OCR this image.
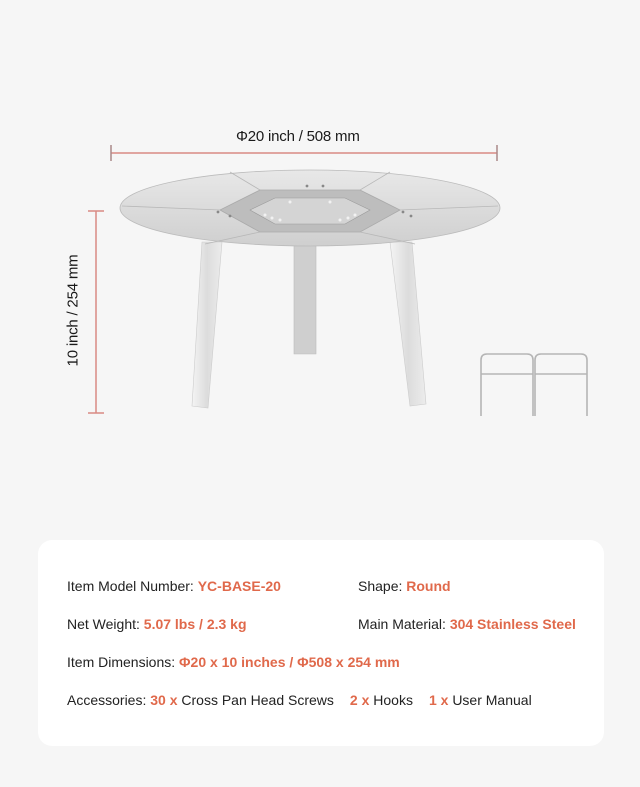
Φ20 inch / 508 mm
10 inch / 254 mm
Item Model Number: YC-BASE-20	Shape: Round
Net Weight: 5.07 lbs / 2.3 kg	Main Material: 304 Stainless Steel
Item Dimensions: Φ20 x 10 inches / Φ508 x 254 mm
Accessories: 30 x Cross Pan Head Screws 2 x Hooks 1 x User Manual
